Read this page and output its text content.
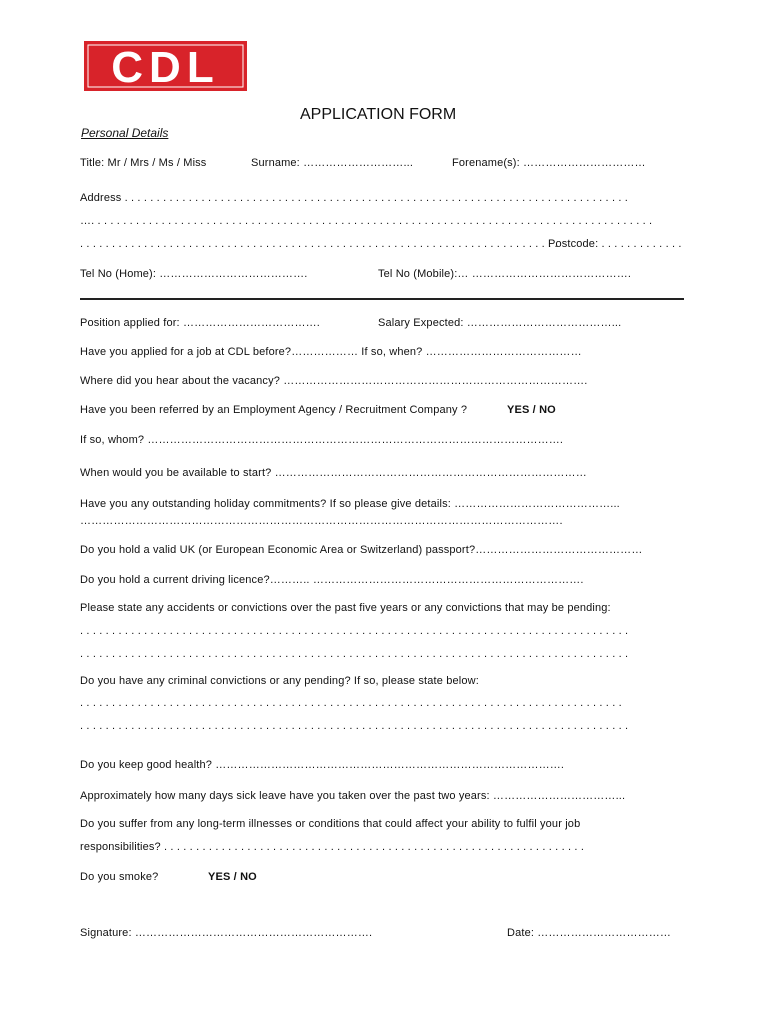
CDL
APPLICATION FORM
Personal Details
Title: Mr / Mrs / Ms / Miss	Surname: ………………………...	Forename(s): ……………………………
Address . . . . . . . . . . . . . . . . . . . . . . . . . . . . . . . . . . . . . . . . . . . . . . . . . . . . . . . . . . . . . . . . . . . . . . . . . . . . . . .
…. . . . . . . . . . . . . . . . . . . . . . . . . . . . . . . . . . . . . . . . . . . . . . . . . . . . . . . . . . . . . . . . . . . . . . . . . . . . . . . . . . . . . . . .
. . . . . . . . . . . . . . . . . . . . . . . . . . . . . . . . . . . . . . . . . . . . . . . . . . . . . . . . . . . . . . . . . . . . . . . . . . .
Postcode: . . . . . . . . . . . . .
Tel No (Home): ………………………………….	Tel No (Mobile):… …………………………………….
Position applied for: ……………………………….	Salary Expected: …………………………………...
Have you applied for a job at CDL before?……………… If so, when? ……………………………………
Where did you hear about the vacancy? ……………………………………………………………………….
Have you been referred by an Employment Agency / Recruitment Company ?	YES / NO
If so, whom? ………………………………………………………………………………………………….
When would you be available to start? …………………………………………………………………………
Have you any outstanding holiday commitments? If so please give details: ……………………………………...
………………………………………………………………………………………………………………….
Do you hold a valid UK (or European Economic Area or Switzerland) passport?………………………………………
Do you hold a current driving licence?……….. ……………………………………………………………….
Please state any accidents or convictions over the past five years or any convictions that may be pending:
. . . . . . . . . . . . . . . . . . . . . . . . . . . . . . . . . . . . . . . . . . . . . . . . . . . . . . . . . . . . . . . . . . . . . . . . . . . . . . . . . . . . . .
. . . . . . . . . . . . . . . . . . . . . . . . . . . . . . . . . . . . . . . . . . . . . . . . . . . . . . . . . . . . . . . . . . . . . . . . . . . . . . . . . . . . . .
Do you have any criminal convictions or any pending? If so, please state below:
. . . . . . . . . . . . . . . . . . . . . . . . . . . . . . . . . . . . . . . . . . . . . . . . . . . . . . . . . . . . . . . . . . . . . . . . . . . . . . . . . . . . .
. . . . . . . . . . . . . . . . . . . . . . . . . . . . . . . . . . . . . . . . . . . . . . . . . . . . . . . . . . . . . . . . . . . . . . . . . . . . . . . . . . . . . .
Do you keep good health? ………………………………………………………………………………….
Approximately how many days sick leave have you taken over the past two years: ……………………………...
Do you suffer from any long-term illnesses or conditions that could affect your ability to fulfil your job
responsibilities? . . . . . . . . . . . . . . . . . . . . . . . . . . . . . . . . . . . . . . . . . . . . . . . . . . . . . . . . . . . . . . . . . .
Do you smoke?	YES / NO
Signature: ……………………………………………………….	Date: ………………………………
